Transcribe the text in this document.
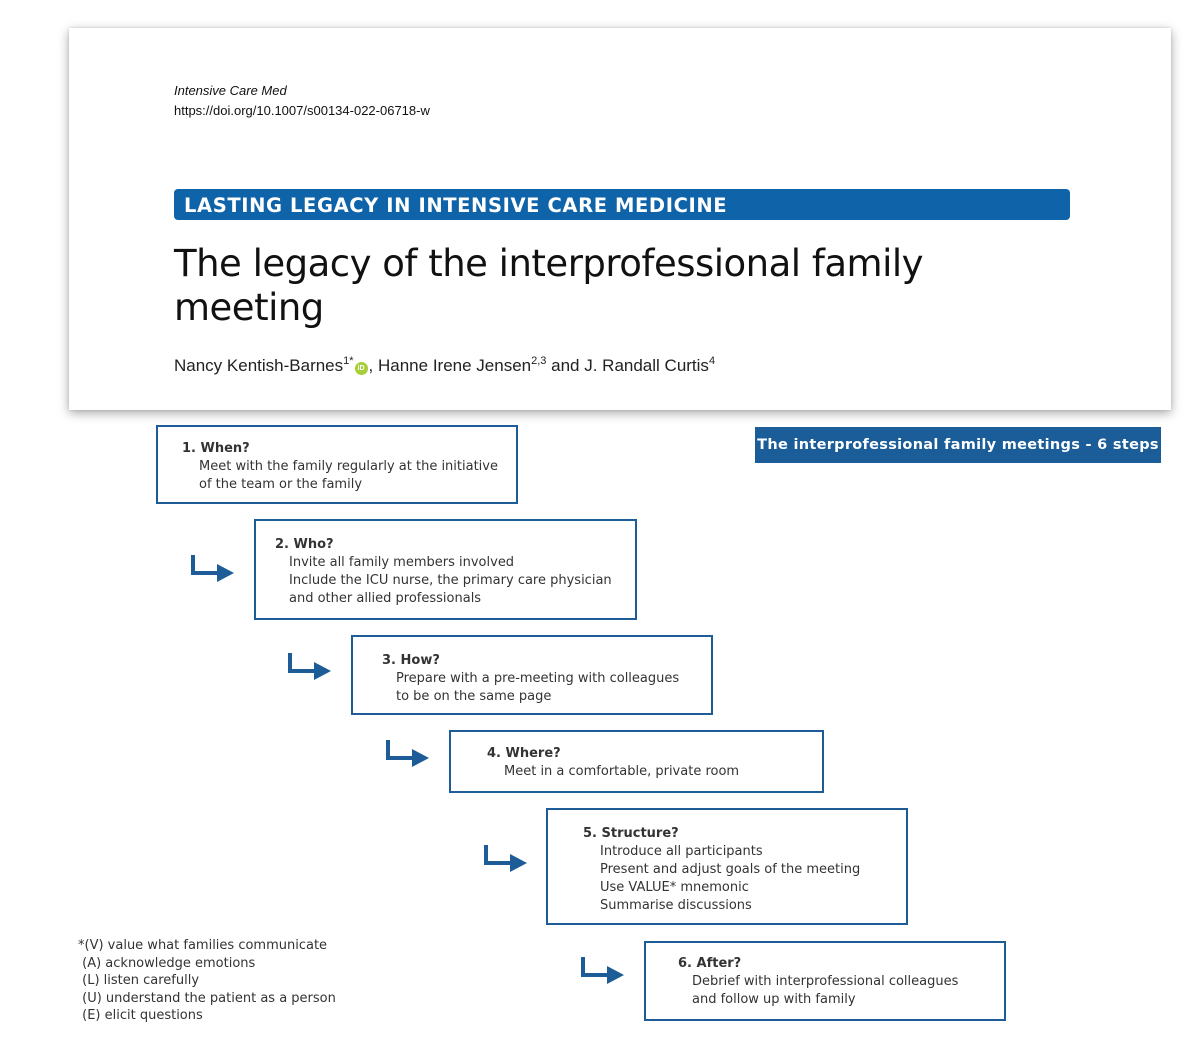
Intensive Care Med
https://doi.org/10.1007/s00134-022-06718-w
LASTING LEGACY IN INTENSIVE CARE MEDICINE
The legacy of the interprofessional family meeting
Nancy Kentish-Barnes$^{1*}$iD , Hanne Irene Jensen$^{2,3}$ and J. Randall Curtis$^4$
The interprofessional family meetings - 6 steps
1. When?
Meet with the family regularly at the initiative
of the team or the family
2. Who?
Invite all family members involved
Include the ICU nurse, the primary care physician
and other allied professionals
3. How?
Prepare with a pre-meeting with colleagues
to be on the same page
4. Where?
Meet in a comfortable, private room
5. Structure?
Introduce all participants
Present and adjust goals of the meeting
Use VALUE* mnemonic
Summarise discussions
6. After?
Debrief with interprofessional colleagues
and follow up with family
*(V) value what families communicate
(A) acknowledge emotions
(L) listen carefully
(U) understand the patient as a person
(E) elicit questions
